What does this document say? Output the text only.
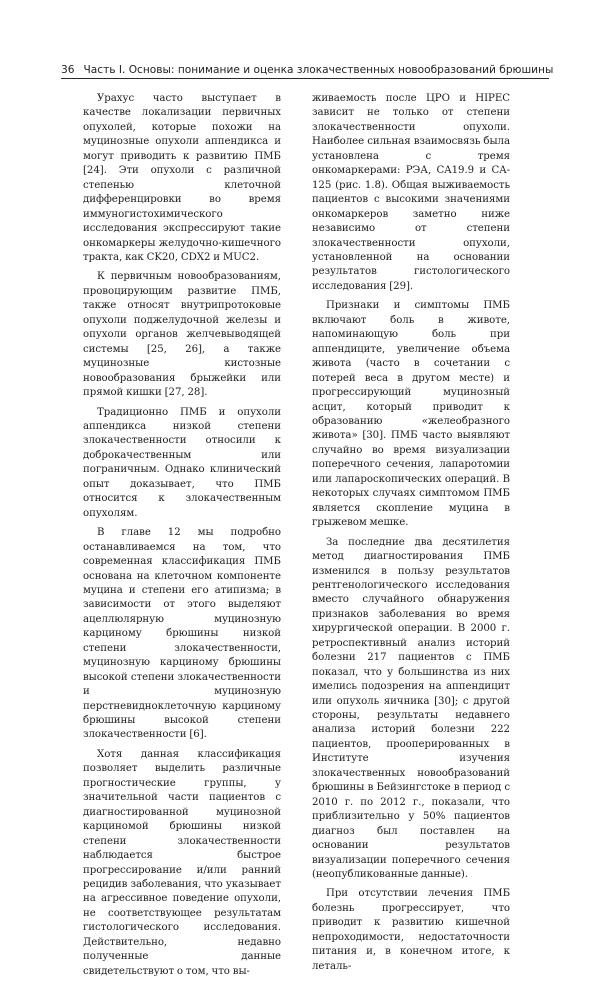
36 Часть I. Основы: понимание и оценка злокачественных новообразований брюшины

Урахус часто выступает в качестве локализации первичных опухолей, которые похожи на муцинозные опухоли аппендикса и могут приводить к развитию ПМБ [24]. Эти опухоли с различной степенью клеточной дифференцировки во время иммуногистохимического исследования экспрессируют такие онкомаркеры желудочно-кишечного тракта, как CK20, CDX2 и MUC2.

К первичным новообразованиям, провоцирующим развитие ПМБ, также относят внутрипротоковые опухоли поджелудочной железы и опухоли органов желчевыводящей системы [25, 26], а также муцинозные кистозные новообразования брыжейки или прямой кишки [27, 28].

Традиционно ПМБ и опухоли аппендикса низкой степени злокачественности относили к доброкачественным или пограничным. Однако клинический опыт доказывает, что ПМБ относится к злокачественным опухолям.

В главе 12 мы подробно останавливаемся на том, что современная классификация ПМБ основана на клеточном компоненте муцина и степени его атипизма; в зависимости от этого выделяют ацеллюлярную муцинозную карциному брюшины низкой степени злокачественности, муцинозную карциному брюшины высокой степени злокачественности и муцинозную перстневидноклеточную карциному брюшины высокой степени злокачественности [6].

Хотя данная классификация позволяет выделить различные прогностические группы, у значительной части пациентов с диагностированной муцинозной карциномой брюшины низкой степени злокачественности наблюдается быстрое прогрессирование и/или ранний рецидив заболевания, что указывает на агрессивное поведение опухоли, не соответствующее результатам гистологического исследования. Действительно, недавно полученные данные свидетельствуют о том, что вы-

живаемость после ЦРО и HIPEC зависит не только от степени злокачественности опухоли. Наиболее сильная взаимосвязь была установлена с тремя онкомаркерами: РЭА, CA19.9 и CA-125 (рис. 1.8). Общая выживаемость пациентов с высокими значениями онкомаркеров заметно ниже независимо от степени злокачественности опухоли, установленной на основании результатов гистологического исследования [29].

Признаки и симптомы ПМБ включают боль в животе, напоминающую боль при аппендиците, увеличение объема живота (часто в сочетании с потерей веса в другом месте) и прогрессирующий муцинозный асцит, который приводит к образованию «желеобразного живота» [30]. ПМБ часто выявляют случайно во время визуализации поперечного сечения, лапаротомии или лапароскопических операций. В некоторых случаях симптомом ПМБ является скопление муцина в грыжевом мешке.

За последние два десятилетия метод диагностирования ПМБ изменился в пользу результатов рентгенологического исследования вместо случайного обнаружения признаков заболевания во время хирургической операции. В 2000 г. ретроспективный анализ историй болезни 217 пациентов с ПМБ показал, что у большинства из них имелись подозрения на аппендицит или опухоль яичника [30]; с другой стороны, результаты недавнего анализа историй болезни 222 пациентов, прооперированных в Институте изучения злокачественных новообразований брюшины в Бейзингстоке в период с 2010 г. по 2012 г., показали, что приблизительно у 50% пациентов диагноз был поставлен на основании результатов визуализации поперечного сечения (неопубликованные данные).

При отсутствии лечения ПМБ болезнь прогрессирует, что приводит к развитию кишечной непроходимости, недостаточности питания и, в конечном итоге, к леталь-
